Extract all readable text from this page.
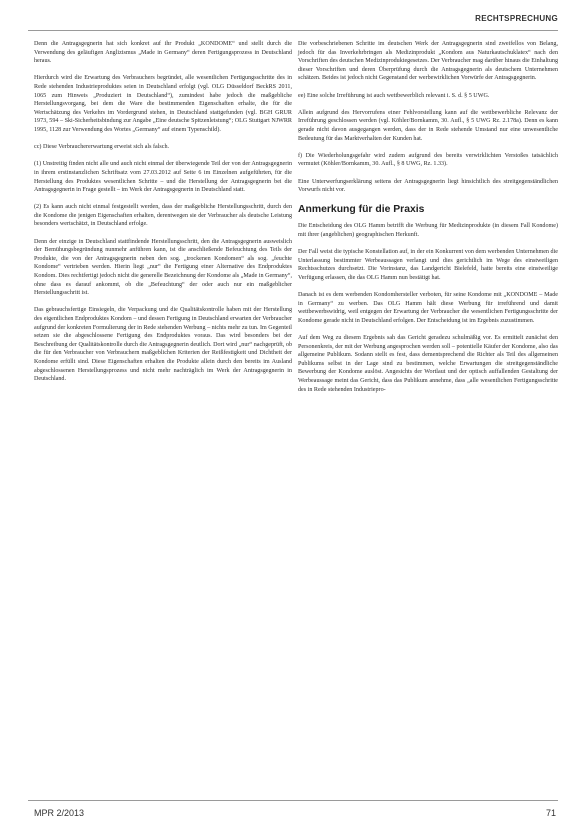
RECHTSPRECHUNG

Denn die Antragsgegnerin hat sich konkret auf ihr Produkt „KONDOME“ und stellt durch die Verwendung des geläufigen Anglizismus „Made in Germany“ deren Fertigungsprozess in Deutschland heraus.

Hierdurch wird die Erwartung des Verbrauchers begründet, alle wesentlichen Fertigungsschritte des in Rede stehenden Industrieproduktes seien in Deutschland erfolgt (vgl. OLG Düsseldorf BeckRS 2011, 1065 zum Hinweis „Produziert in Deutschland“), zumindest habe jedoch die maßgebliche Herstellungsvorgang, bei dem die Ware die bestimmenden Eigenschaften erhalte, die für die Wertschätzung des Verkehrs im Vordergrund stehen, in Deutschland stattgefunden (vgl. BGH GRUR 1973, 594 – Ski-Sicherheitsbindung zur Angabe „Eine deutsche Spitzenleistung“; OLG Stuttgart NJWRR 1995, 1128 zur Verwendung des Wortes „Germany“ auf einem Typenschild).

cc) Diese Verbrauchererwartung erweist sich als falsch.

(1) Unstreitig finden nicht alle und auch nicht einmal der überwiegende Teil der von der Antragsgegnerin in ihrem erstinstanzlichen Schriftsatz vom 27.03.2012 auf Seite 6 im Einzelnen aufgeführten, für die Herstellung des Produktes wesentlichen Schritte – und die Herstellung der Antragsgegnerin bei die Antragsgegnerin in Frage gestellt – im Werk der Antragsgegnerin in Deutschland statt.

(2) Es kann auch nicht einmal festgestellt werden, dass der maßgebliche Herstellungsschritt, durch den die Kondome die jenigen Eigenschaften erhalten, derentwegen sie der Verbraucher als deutsche Leistung besonders wertschätzt, in Deutschland erfolge.

Denn der einzige in Deutschland stattfindende Herstellungsschritt, den die Antragsgegnerin ausweislich der Bemühungsbegründung nunmehr anführen kann, ist die anschließende Befeuchtung des Teils der Produkte, die von der Antragsgegnerin neben den sog. „trockenen Kondomen“ als sog. „feuchte Kondome“ vertrieben werden. Hierin liegt „nur“ die Fertigung einer Alternative des Endproduktes Kondom. Dies rechtfertigt jedoch nicht die generelle Bezeichnung der Kondome als „Made in Germany“, ohne dass es darauf ankommt, ob die „Befeuchtung“ der oder auch nur ein maßgeblicher Herstellungsschritt ist.

Das gebrauchsfertige Einsiegeln, die Verpackung und die Qualitätskontrolle haben mit der Herstellung des eigentlichen Endproduktes Kondom – und dessen Fertigung in Deutschland erwarten der Verbraucher aufgrund der konkreten Formulierung der in Rede stehenden Werbung – nichts mehr zu tun. Im Gegenteil setzen sie die abgeschlossene Fertigung des Endproduktes voraus. Das wird besonders bei der Beschreibung der Qualitätskontrolle durch die Antragsgegnerin deutlich. Dort wird „nur“ nachgeprüft, ob die für den Verbraucher von Verbrauchern maßgeblichen Kriterien der Reißfestigkeit und Dichtheit der Kondome erfüllt sind. Diese Eigenschaften erhalten die Produkte allein durch den bereits im Ausland abgeschlossenen Herstellungsprozess und nicht mehr nachträglich im Werk der Antragsgegnerin in Deutschland.

Die vorbeschriebenen Schritte im deutschen Werk der Antragsgegnerin sind zweifellos von Belang, jedoch für das Inverkehrbringen als Medizinprodukt „Kondom aus Naturkautschuklatex“ nach den Vorschriften des deutschen Medizinproduktegesetzes. Der Verbraucher mag darüber hinaus die Einhaltung dieser Vorschriften und deren Überprüfung durch die Antragsgegnerin als deutschem Unternehmen schätzen. Beides ist jedoch nicht Gegenstand der werbewirklichen Vorwürfe der Antragsgegnerin.

ee) Eine solche Irreführung ist auch wettbewerblich relevant i. S. d. § 5 UWG.

Allein aufgrund des Hervorrufens einer Fehlvorstellung kann auf die wettbewerbliche Relevanz der Irreführung geschlossen werden (vgl. Köhler/Bornkamm, 30. Aufl., § 5 UWG Rz. 2.178a). Denn es kann gerade nicht davon ausgegangen werden, dass der in Rede stehende Umstand nur eine unwesentliche Bedeutung für das Marktverhalten der Kunden hat.

f) Die Wiederholungsgefahr wird zudem aufgrund des bereits verwirklichten Verstoßes tatsächlich vermutet (Köhler/Bornkamm, 30. Aufl., § 8 UWG, Rz. 1.33).

Eine Unterwerfungserklärung seitens der Antragsgegnerin liegt hinsichtlich des streitgegenständlichen Vorwurfs nicht vor.

Anmerkung für die Praxis

Die Entscheidung des OLG Hamm betrifft die Werbung für Medizinprodukte (in diesem Fall Kondome) mit ihrer (angeblichen) geographischen Herkunft.

Der Fall weist die typische Konstellation auf, in der ein Konkurrent von dem werbenden Unternehmen die Unterlassung bestimmter Werbeaussagen verlangt und dies gerichtlich im Wege des einstweiligen Rechtsschutzes durchsetzt. Die Vorinstanz, das Landgericht Bielefeld, hatte bereits eine einstweilige Verfügung erlassen, die das OLG Hamm nun bestätigt hat.

Danach ist es dem werbenden Kondomhersteller verboten, für seine Kondome mit „KONDOME – Made in Germany“ zu werben. Das OLG Hamm hält diese Werbung für irreführend und damit wettbewerbswidrig, weil entgegen der Erwartung der Verbraucher die wesentlichen Fertigungsschritte der Kondome gerade nicht in Deutschland erfolgen. Der Entscheidung ist im Ergebnis zuzustimmen.

Auf dem Weg zu diesem Ergebnis sah das Gericht geradezu schulmäßig vor. Es ermittelt zunächst den Personenkreis, der mit der Werbung angesprochen werden soll – potentielle Käufer der Kondome, also das allgemeine Publikum. Sodann stellt es fest, dass dementsprechend die Richter als Teil des allgemeinen Publikums selbst in der Lage sind zu bestimmen, welche Erwartungen die streitgegenständliche Bewerbung der Kondome auslöst. Angesichts der Wortlaut und der optisch auffallenden Gestaltung der Werbeaussage meint das Gericht, dass das Publikum annehme, dass „alle wesentlichen Fertigungsschritte des in Rede stehenden Industriepro-

MPR 2/2013	71
